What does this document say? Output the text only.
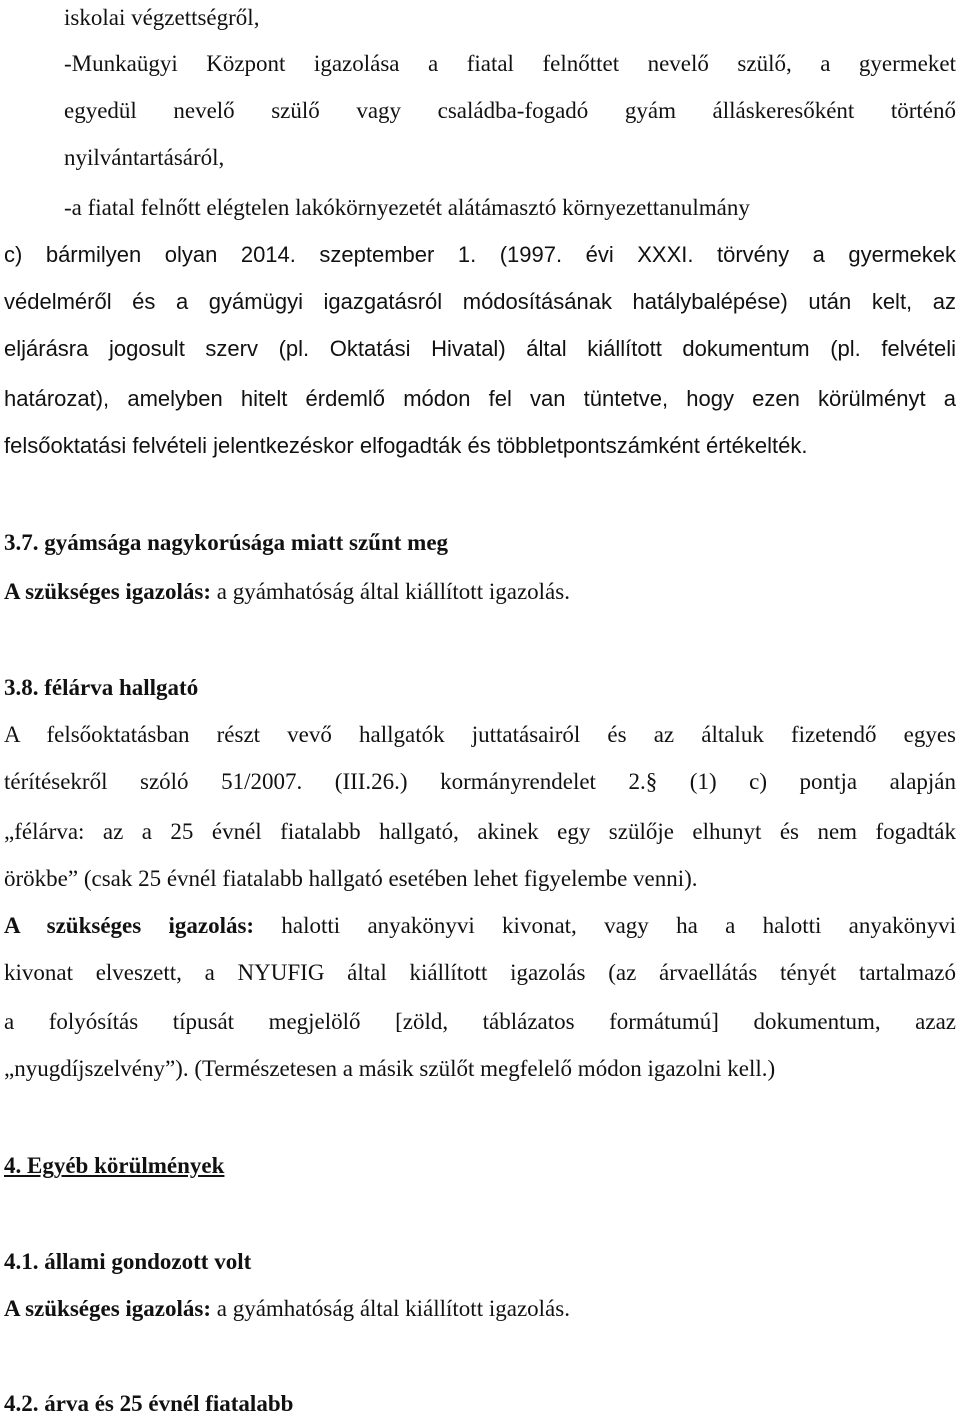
iskolai végzettségről,
-Munkaügyi Központ igazolása a fiatal felnőttet nevelő szülő, a gyermeket
egyedül nevelő szülő vagy családba-fogadó gyám álláskeresőként történő
nyilvántartásáról,
-a fiatal felnőtt elégtelen lakókörnyezetét alátámasztó környezettanulmány
c) bármilyen olyan 2014. szeptember 1. (1997. évi XXXI. törvény a gyermekek
védelméről és a gyámügyi igazgatásról módosításának hatálybalépése) után kelt, az
eljárásra jogosult szerv (pl. Oktatási Hivatal) által kiállított dokumentum (pl. felvételi
határozat), amelyben hitelt érdemlő módon fel van tüntetve, hogy ezen körülményt a
felsőoktatási felvételi jelentkezéskor elfogadták és többletpontszámként értékelték.
3.7. gyámsága nagykorúsága miatt szűnt meg
A szükséges igazolás: a gyámhatóság által kiállított igazolás.
3.8. félárva hallgató
A felsőoktatásban részt vevő hallgatók juttatásairól és az általuk fizetendő egyes
térítésekről szóló 51/2007. (III.26.) kormányrendelet 2.§ (1) c) pontja alapján
„félárva: az a 25 évnél fiatalabb hallgató, akinek egy szülője elhunyt és nem fogadták
örökbe” (csak 25 évnél fiatalabb hallgató esetében lehet figyelembe venni).
A szükséges igazolás: halotti anyakönyvi kivonat, vagy ha a halotti anyakönyvi
kivonat elveszett, a NYUFIG által kiállított igazolás (az árvaellátás tényét tartalmazó
a folyósítás típusát megjelölő [zöld, táblázatos formátumú] dokumentum, azaz
„nyugdíjszelvény”). (Természetesen a másik szülőt megfelelő módon igazolni kell.)
4. Egyéb körülmények
4.1. állami gondozott volt
A szükséges igazolás: a gyámhatóság által kiállított igazolás.
4.2. árva és 25 évnél fiatalabb
